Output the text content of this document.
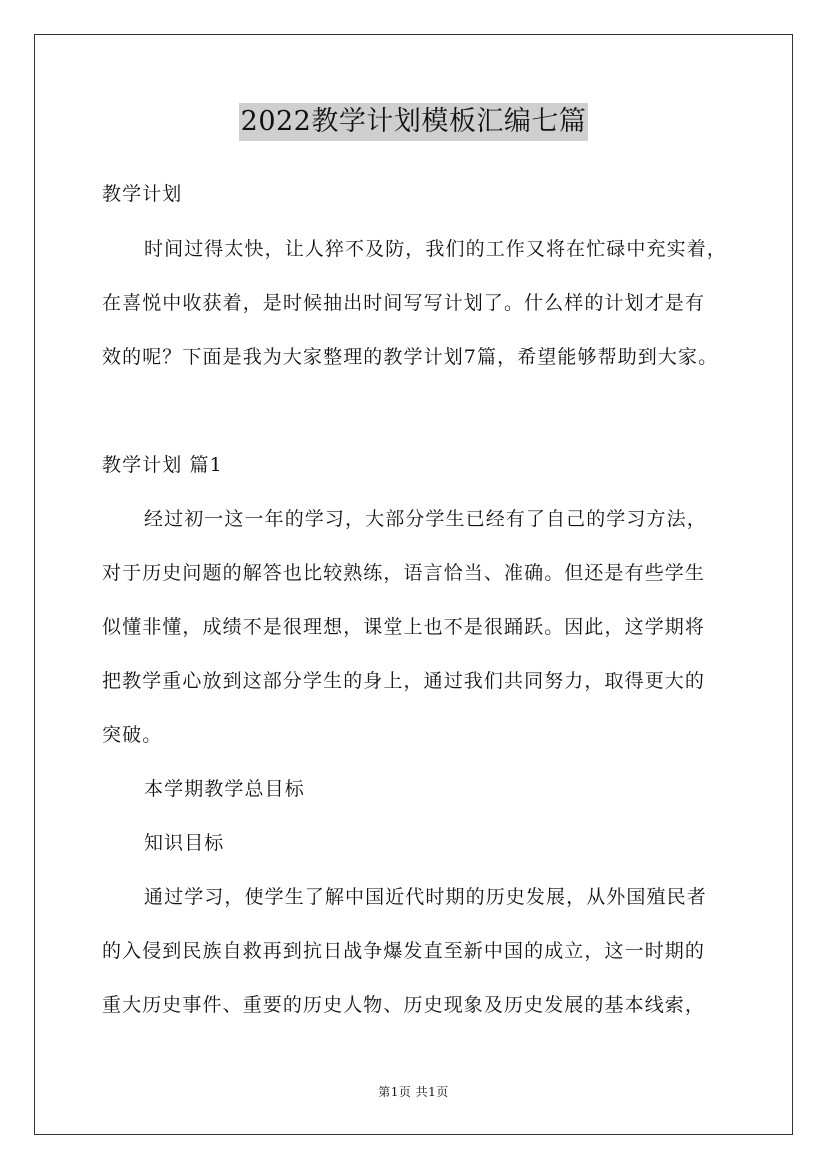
2022教学计划模板汇编七篇
教学计划
时间过得太快，让人猝不及防，我们的工作又将在忙碌中充实着，
在喜悦中收获着，是时候抽出时间写写计划了。什么样的计划才是有
效的呢？下面是我为大家整理的教学计划7篇，希望能够帮助到大家。
教学计划 篇1
经过初一这一年的学习，大部分学生已经有了自己的学习方法，
对于历史问题的解答也比较熟练，语言恰当、准确。但还是有些学生
似懂非懂，成绩不是很理想，课堂上也不是很踊跃。因此，这学期将
把教学重心放到这部分学生的身上，通过我们共同努力，取得更大的
突破。
本学期教学总目标
知识目标
通过学习，使学生了解中国近代时期的历史发展，从外国殖民者
的入侵到民族自救再到抗日战争爆发直至新中国的成立，这一时期的
重大历史事件、重要的历史人物、历史现象及历史发展的基本线索，
第1页 共1页
